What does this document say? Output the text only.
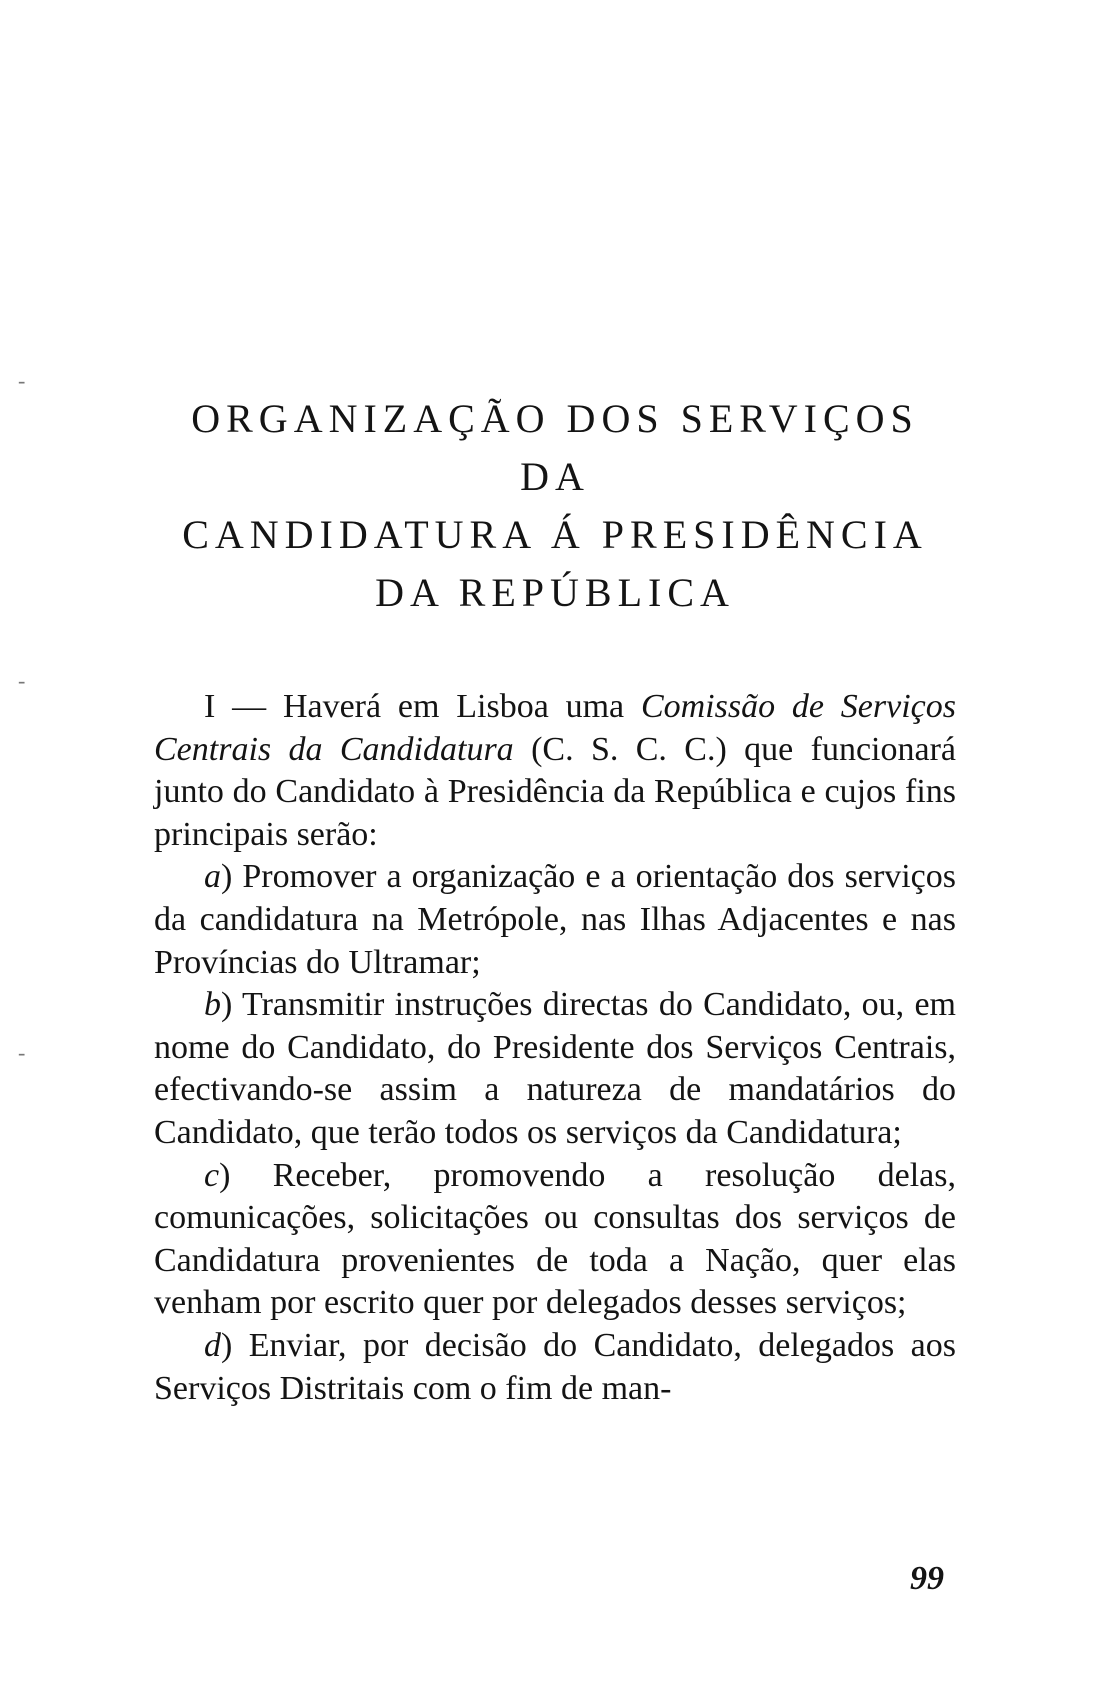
-
-
-
ORGANIZAÇÃO DOS SERVIÇOS
DA
CANDIDATURA Á PRESIDÊNCIA
DA REPÚBLICA

I — Haverá em Lisboa uma Comissão de Serviços Centrais da Candidatura (C. S. C. C.) que funcionará junto do Candidato à Presidência da República e cujos fins principais serão:

a) Promover a organização e a orientação dos serviços da candidatura na Metrópole, nas Ilhas Adjacentes e nas Províncias do Ultramar;

b) Transmitir instruções directas do Candidato, ou, em nome do Candidato, do Presidente dos Serviços Centrais, efectivando-se assim a natureza de mandatários do Candidato, que terão todos os serviços da Candidatura;

c) Receber, promovendo a resolução delas, comunicações, solicitações ou consultas dos serviços de Candidatura provenientes de toda a Nação, quer elas venham por escrito quer por delegados desses serviços;

d) Enviar, por decisão do Candidato, delegados aos Serviços Distritais com o fim de man-

99
